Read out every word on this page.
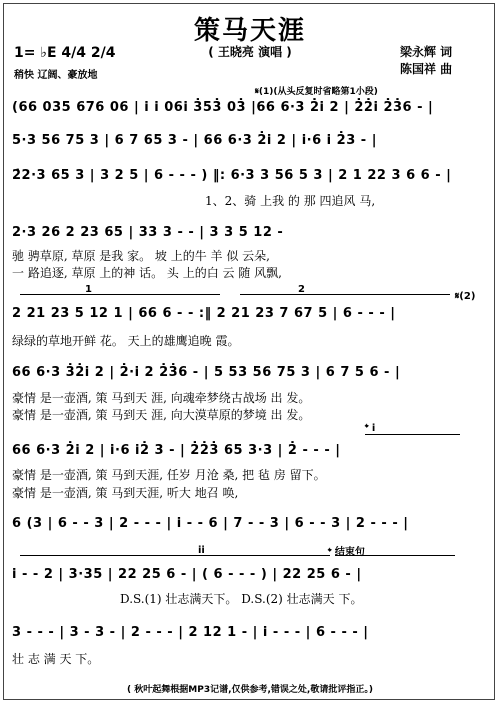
策马天涯
( 王晓亮 演唱 )	梁永辉 词
陈国祥 曲
1= ♭E 4/4 2/4
稍快 辽阔、豪放地
𝄋(1)(从头反复时省略第1小段)
(66 035 676 06 | i i 06i 3̇53̇ 03̇ |66 6·3 2̇i 2 | 2̇2̇i 2̇3̇6 - |
5·3 56 75 3 | 6 7 65 3 - | 66 6·3 2̇i 2 | i·6 i 2̇3 - |
2̇2·3 65 3 | 3 2 5 | 6 - - - ) ‖: 6·3 3 56 5 3 | 2 1 22 3 6 6 - |
1、2、骑 上我 的 那 四追风 马,
2·3 26 2 23 65 | 33 3 - - | 3 3 5 12 -
驰 骋草原, 草原 是我 家。 坡 上的牛 羊 似 云朵,
一 路追逐, 草原 上的神 话。 头 上的白 云 随 风飘,
1	2
𝄋(2)
2 21 23 5 12 1 | 66 6 - - :‖ 2 21 23 7 67 5 | 6 - - - |
绿绿的草地开鲜 花。 天上的雄鹰追晚 霞。
66 6·3 3̇2̇i 2 | 2̇·i 2 2̇3̇6 - | 5 53 56 75 3 | 6 7 5 6 - |
豪情 是一壶酒, 策 马到天 涯, 向魂牵梦绕古战场 出 发。
豪情 是一壶酒, 策 马到天 涯, 向大漠草原的梦境 出 发。
𝄌 i
66 6·3 2̇i 2 | i·6 i2̇ 3 - | 2̇2̇3̇ 65 3·3 | 2̇ - - - |
豪情 是一壶酒, 策 马到天涯, 任岁 月沧 桑, 把 毡 房 留下。
豪情 是一壶酒, 策 马到天涯, 听大 地召 唤,
6 (3 | 6 - - 3 | 2 - - - | i - - 6 | 7 - - 3 | 6 - - 3 | 2 - - - |
ii	𝄌 结束句
i - - 2 | 3·35 | 22 25 6 - | ( 6 - - - ) | 22 25 6 - |
D.S.(1) 壮志满天下。 D.S.(2) 壮志满天 下。
3 - - - | 3 - 3 - | 2 - - - | 2 12 1 - | i - - - | 6 - - - |
壮 志 满 天 下。
( 秋叶起舞根据MP3记谱,仅供参考,错误之处,敬请批评指正。)
